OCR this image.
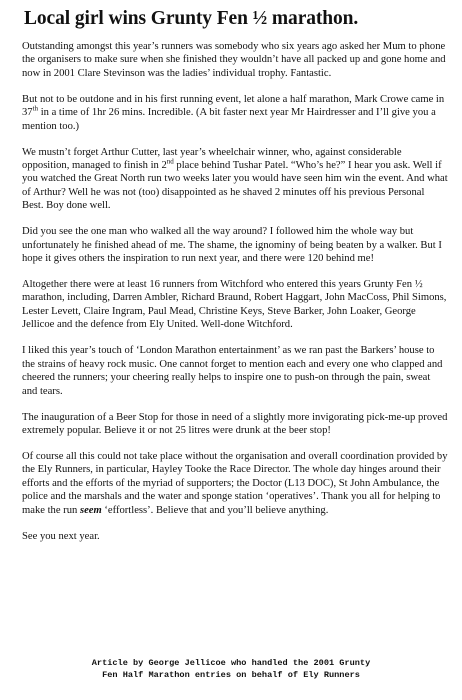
Local girl wins Grunty Fen ½ marathon.

Outstanding amongst this year’s runners was somebody who six years ago asked her Mum to phone the organisers to make sure when she finished they wouldn’t have all packed up and gone home and now in 2001 Clare Stevinson was the ladies’ individual trophy. Fantastic.

But not to be outdone and in his first running event, let alone a half marathon, Mark Crowe came in 37th in a time of 1hr 26 mins. Incredible. (A bit faster next year Mr Hairdresser and I’ll give you a mention too.)

We mustn’t forget Arthur Cutter, last year’s wheelchair winner, who, against considerable opposition, managed to finish in 2nd place behind Tushar Patel. “Who’s he?” I hear you ask. Well if you watched the Great North run two weeks later you would have seen him win the event. And what of Arthur? Well he was not (too) disappointed as he shaved 2 minutes off his previous Personal Best. Boy done well.

Did you see the one man who walked all the way around? I followed him the whole way but unfortunately he finished ahead of me. The shame, the ignominy of being beaten by a walker. But I hope it gives others the inspiration to run next year, and there were 120 behind me!

Altogether there were at least 16 runners from Witchford who entered this years Grunty Fen ½ marathon, including, Darren Ambler, Richard Braund, Robert Haggart, John MacCoss, Phil Simons, Lester Levett, Claire Ingram, Paul Mead, Christine Keys, Steve Barker, John Loaker, George Jellicoe and the defence from Ely United. Well-done Witchford.

I liked this year’s touch of ‘London Marathon entertainment’ as we ran past the Barkers’ house to the strains of heavy rock music. One cannot forget to mention each and every one who clapped and cheered the runners; your cheering really helps to inspire one to push-on through the pain, sweat and tears.

The inauguration of a Beer Stop for those in need of a slightly more invigorating pick-me-up proved extremely popular. Believe it or not 25 litres were drunk at the beer stop!

Of course all this could not take place without the organisation and overall coordination provided by the Ely Runners, in particular, Hayley Tooke the Race Director. The whole day hinges around their efforts and the efforts of the myriad of supporters; the Doctor (L13 DOC), St John Ambulance, the police and the marshals and the water and sponge station ‘operatives’. Thank you all for helping to make the run seem ‘effortless’. Believe that and you’ll believe anything.

See you next year.

Article by George Jellicoe who handled the 2001 Grunty
Fen Half Marathon entries on behalf of Ely Runners
